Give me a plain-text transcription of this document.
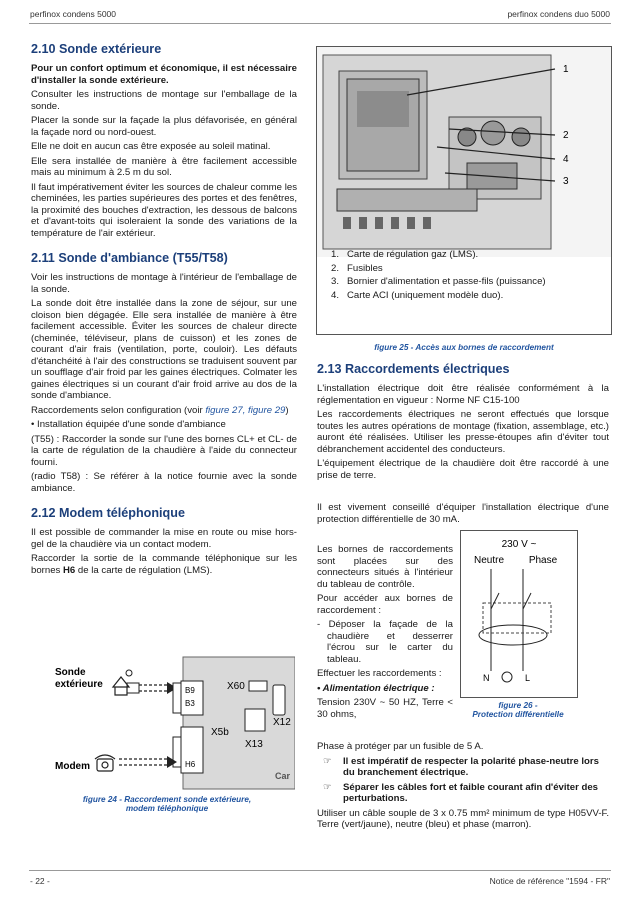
perfinox condens 5000	perfinox condens duo 5000
2.10 Sonde extérieure

Pour un confort optimum et économique, il est nécessaire d'installer la sonde extérieure.

Consulter les instructions de montage sur l'emballage de la sonde.

Placer la sonde sur la façade la plus défavorisée, en général la façade nord ou nord-ouest.

Elle ne doit en aucun cas être exposée au soleil matinal.

Elle sera installée de manière à être facilement accessible mais au minimum à 2.5 m du sol.

Il faut impérativement éviter les sources de chaleur comme les cheminées, les parties supérieures des portes et des fenêtres, la proximité des bouches d'extraction, les dessous de balcons et d'avant-toits qui isoleraient la sonde des variations de la température de l'air extérieur.

2.11 Sonde d'ambiance (T55/T58)

Voir les instructions de montage à l'intérieur de l'emballage de la sonde.

La sonde doit être installée dans la zone de séjour, sur une cloison bien dégagée. Elle sera installée de manière à être facilement accessible. Éviter les sources de chaleur directe (cheminée, téléviseur, plans de cuisson) et les zones de courant d'air frais (ventilation, porte, couloir). Les défauts d'étanchéité à l'air des constructions se traduisent souvent par un soufflage d'air froid par les gaines électriques. Colmater les gaines électriques si un courant d'air froid arrive au dos de la sonde d'ambiance.

Raccordements selon configuration (voir figure 27, figure 29)

• Installation équipée d'une sonde d'ambiance

(T55) : Raccorder la sonde sur l'une des bornes CL+ et CL- de la carte de régulation de la chaudière à l'aide du connecteur fourni.

(radio T58) : Se référer à la notice fournie avec la sonde ambiance.

2.12 Modem téléphonique

Il est possible de commander la mise en route ou mise hors-gel de la chaudière via un contact modem.

Raccorder la sortie de la commande téléphonique sur les bornes H6 de la carte de régulation (LMS).

Sonde
extérieure
B9
B3
H6
Modem
X60
X12
X5b
X13
Car
figure 24 - Raccordement sonde extérieure,
modem téléphonique
1
2
4
3
1. Carte de régulation gaz (LMS).
2. Fusibles
3. Bornier d'alimentation et passe-fils (puissance)
4. Carte ACI (uniquement modèle duo).
figure 25 - Accès aux bornes de raccordement
2.13 Raccordements électriques

L'installation électrique doit être réalisée conformément à la réglementation en vigueur : Norme NF C15-100

Les raccordements électriques ne seront effectués que lorsque toutes les autres opérations de montage (fixation, assemblage, etc.) auront été réalisées. Utiliser les presse-étoupes afin d'éviter tout débranchement accidentel des conducteurs.

L'équipement électrique de la chaudière doit être raccordé à une prise de terre.

Il est vivement conseillé d'équiper l'installation électrique d'une protection différentielle de 30 mA.

Les bornes de raccordements sont placées sur des connecteurs situés à l'intérieur du tableau de contrôle.

Pour accéder aux bornes de raccordement :

- Déposer la façade de la chaudière et desserrer l'écrou sur le carter du tableau.

Effectuer les raccordements :

• Alimentation électrique :

Tension 230V ~ 50 HZ, Terre < 30 ohms,

230 V ~
Neutre Phase
N	L
figure 26 -
Protection différentielle

Phase à protéger par un fusible de 5 A.

☞	Il est impératif de respecter la polarité phase-neutre lors du branchement électrique.
☞	Séparer les câbles fort et faible courant afin d'éviter des perturbations.

Utiliser un câble souple de 3 x 0.75 mm² minimum de type H05VV-F. Terre (vert/jaune), neutre (bleu) et phase (marron).

- 22 -	Notice de référence "1594 - FR"
